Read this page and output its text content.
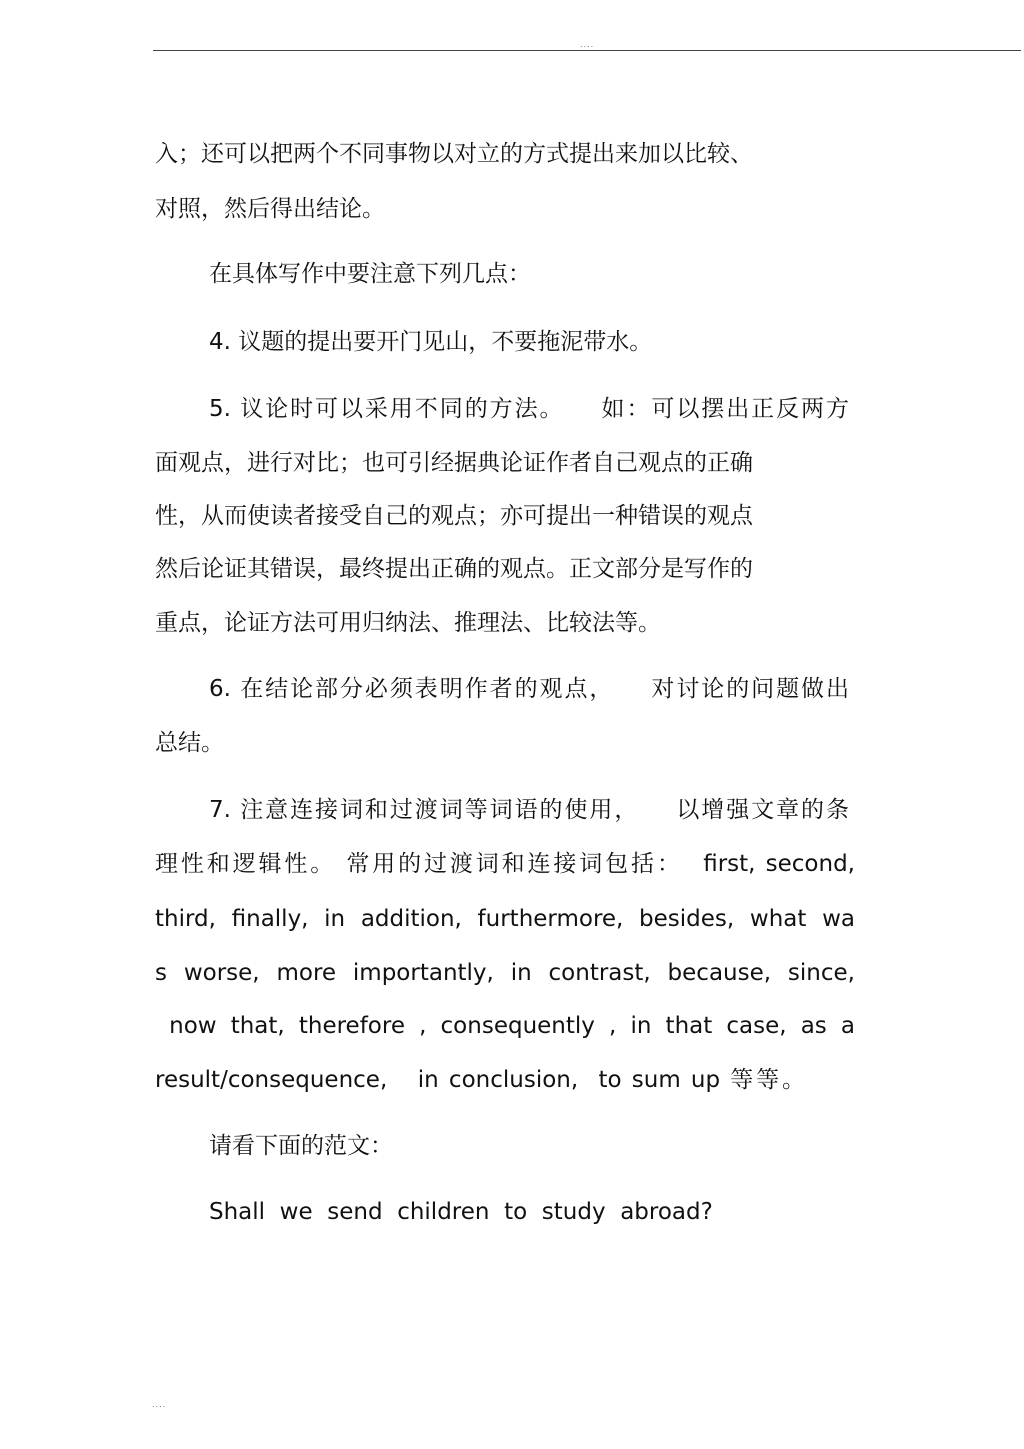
....
入；还可以把两个不同事物以对立的方式提出来加以比较、
对照，然后得出结论。
在具体写作中要注意下列几点：
4. 议题的提出要开门见山，不要拖泥带水。
5. 议论时可以采用不同的方法。    如：可以摆出正反两方
面观点，进行对比；也可引经据典论证作者自己观点的正确
性，从而使读者接受自己的观点；亦可提出一种错误的观点
然后论证其错误，最终提出正确的观点。正文部分是写作的
重点，论证方法可用归纳法、推理法、比较法等。
6. 在结论部分必须表明作者的观点，    对讨论的问题做出
总结。
7. 注意连接词和过渡词等词语的使用，    以增强文章的条
理性和逻辑性。 常用的过渡词和连接词包括：  first, second,
third, finally, in addition, furthermore, besides, what wa
s worse, more importantly, in contrast, because, since,
now that, therefore , consequently , in that case, as a
result/consequence,   in conclusion,  to sum up 等等。
请看下面的范文：
Shall  we  send  children  to  study  abroad?
....
